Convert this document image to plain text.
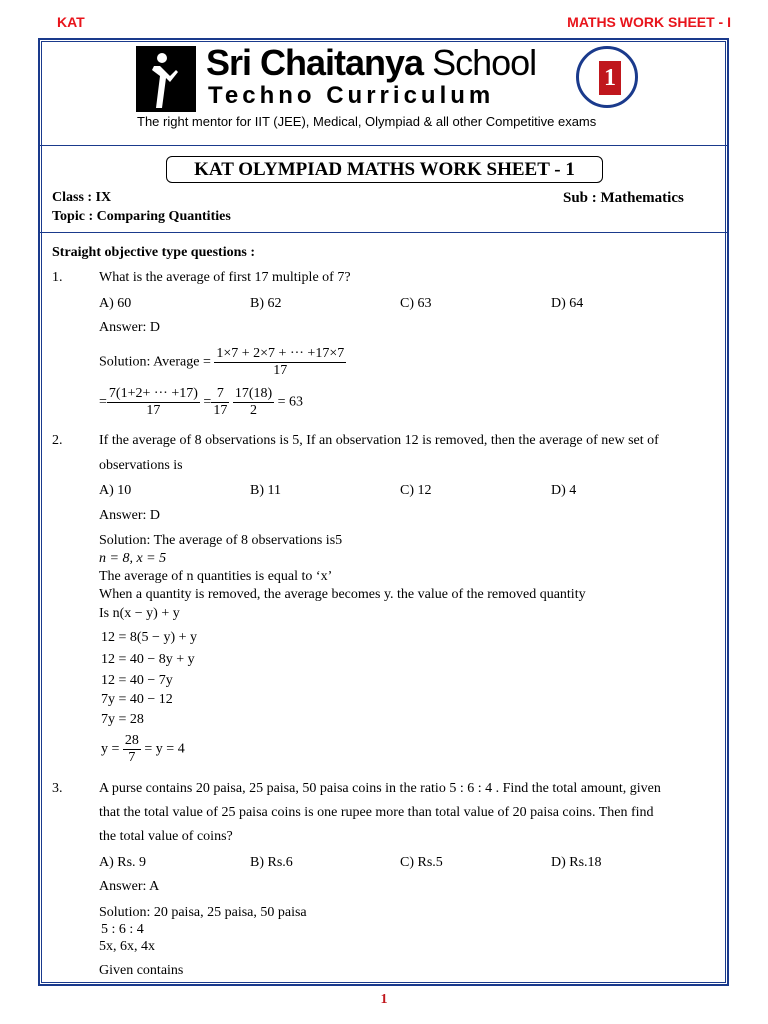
KAT	MATHS WORK SHEET - I
Sri Chaitanya School
Techno Curriculum
The right mentor for IIT (JEE), Medical, Olympiad & all other Competitive exams
1
KAT OLYMPIAD MATHS WORK SHEET - 1
Class : IX	Sub : Mathematics
Topic : Comparing Quantities
Straight objective type questions :
1.	What is the average of first 17 multiple of 7?
A) 60	B) 62	C) 63	D) 64
Answer: D
Solution: Average = $\frac{1\times 7 + 2\times 7 + \cdot\cdot\cdot +17\times 7}{17}$
= $\frac{7(1+2+ \cdot\cdot\cdot +17)}{17} = \frac{7}{17}$
$\frac{17(18)}{2} = 63$
2.	If the average of 8 observations is 5, If an observation 12 is removed, then the average of new set of
observations is
A) 10	B) 11	C) 12	D) 4
Answer: D
Solution: The average of 8 observations is5
n = 8, x = 5
The average of n quantities is equal to ‘x’
When a quantity is removed, the average becomes y. the value of the removed quantity
Is n(x − y) + y
12 = 8(5 − y) + y
12 = 40 − 8y + y
12 = 40 − 7y
7y = 40 − 12
7y = 28
$y = \frac{28}{7} = y = 4$
3.	A purse contains 20 paisa, 25 paisa, 50 paisa coins in the ratio 5 : 6 : 4 . Find the total amount, given
that the total value of 25 paisa coins is one rupee more than total value of 20 paisa coins. Then find
the total value of coins?
A) Rs. 9	B) Rs.6	C) Rs.5	D) Rs.18
Answer: A
Solution: 20 paisa, 25 paisa, 50 paisa
5 : 6 : 4
5x, 6x, 4x
Given contains
1
